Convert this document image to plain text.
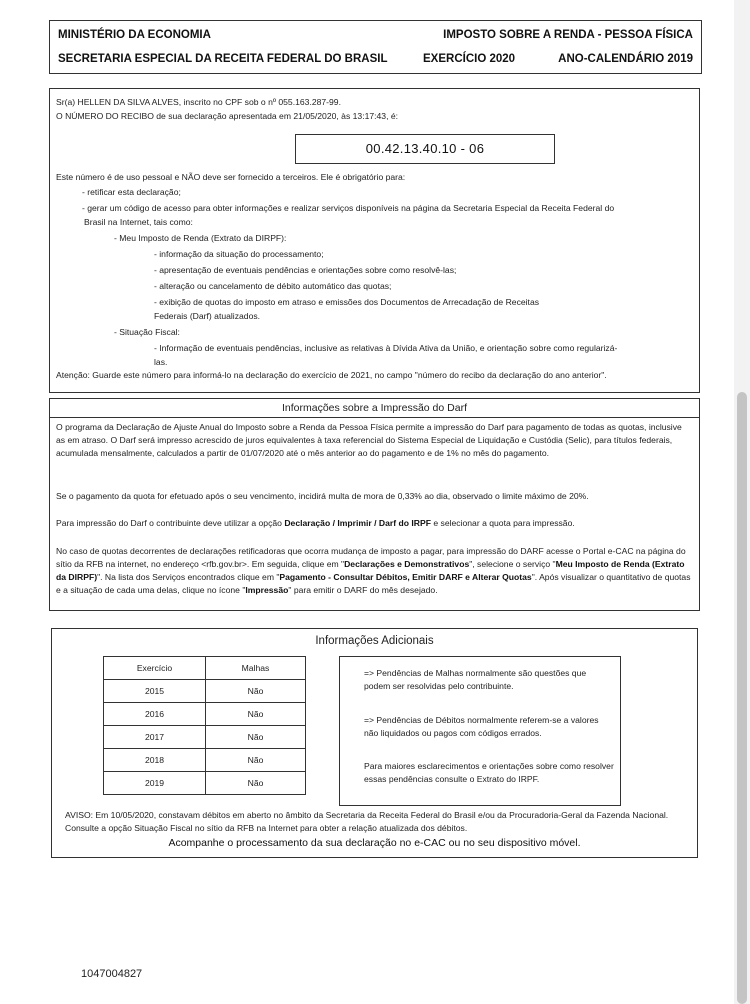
MINISTÉRIO DA ECONOMIA	IMPOSTO SOBRE A RENDA - PESSOA FÍSICA
SECRETARIA ESPECIAL DA RECEITA FEDERAL DO BRASIL	EXERCÍCIO 2020	ANO-CALENDÁRIO 2019
Sr(a) HELLEN DA SILVA ALVES, inscrito no CPF sob o nº 055.163.287-99.
O NÚMERO DO RECIBO de sua declaração apresentada em 21/05/2020, às 13:17:43, é:
00.42.13.40.10 - 06
Este número é de uso pessoal e NÃO deve ser fornecido a terceiros. Ele é obrigatório para:
- retificar esta declaração;
- gerar um código de acesso para obter informações e realizar serviços disponíveis na página da Secretaria Especial da Receita Federal do
Brasil na Internet, tais como:
- Meu Imposto de Renda (Extrato da DIRPF):
- informação da situação do processamento;
- apresentação de eventuais pendências e orientações sobre como resolvê-las;
- alteração ou cancelamento de débito automático das quotas;
- exibição de quotas do imposto em atraso e emissões dos Documentos de Arrecadação de Receitas
Federais (Darf) atualizados.
- Situação Fiscal:
- Informação de eventuais pendências, inclusive as relativas à Dívida Ativa da União, e orientação sobre como regularizá-
las.
Atenção: Guarde este número para informá-lo na declaração do exercício de 2021, no campo "número do recibo da declaração do ano anterior".
Informações sobre a Impressão do Darf
O programa da Declaração de Ajuste Anual do Imposto sobre a Renda da Pessoa Física permite a impressão do Darf para pagamento de todas as quotas, inclusive as em atraso. O Darf será impresso acrescido de juros equivalentes à taxa referencial do Sistema Especial de Liquidação e Custódia (Selic), para títulos federais, acumulada mensalmente, calculados a partir de 01/07/2020 até o mês anterior ao do pagamento e de 1% no mês do pagamento.
Se o pagamento da quota for efetuado após o seu vencimento, incidirá multa de mora de 0,33% ao dia, observado o limite máximo de 20%.
Para impressão do Darf o contribuinte deve utilizar a opção Declaração / Imprimir / Darf do IRPF e selecionar a quota para impressão.
No caso de quotas decorrentes de declarações retificadoras que ocorra mudança de imposto a pagar, para impressão do DARF acesse o Portal e-CAC na página do sítio da RFB na internet, no endereço <rfb.gov.br>. Em seguida, clique em "Declarações e Demonstrativos", selecione o serviço "Meu Imposto de Renda (Extrato da DIRPF)". Na lista dos Serviços encontrados clique em "Pagamento - Consultar Débitos, Emitir DARF e Alterar Quotas". Após visualizar o quantitativo de quotas e a situação de cada uma delas, clique no ícone "Impressão" para emitir o DARF do mês desejado.
Informações Adicionais
Exercício	Malhas
2015	Não
2016	Não
2017	Não
2018	Não
2019	Não
=> Pendências de Malhas normalmente são questões que podem ser resolvidas pelo contribuinte.
=> Pendências de Débitos normalmente referem-se a valores não liquidados ou pagos com códigos errados.
Para maiores esclarecimentos e orientações sobre como resolver essas pendências consulte o Extrato do IRPF.
AVISO: Em 10/05/2020, constavam débitos em aberto no âmbito da Secretaria da Receita Federal do Brasil e/ou da Procuradoria-Geral da Fazenda Nacional. Consulte a opção Situação Fiscal no sítio da RFB na Internet para obter a relação atualizada dos débitos.
Acompanhe o processamento da sua declaração no e-CAC ou no seu dispositivo móvel.
1047004827
